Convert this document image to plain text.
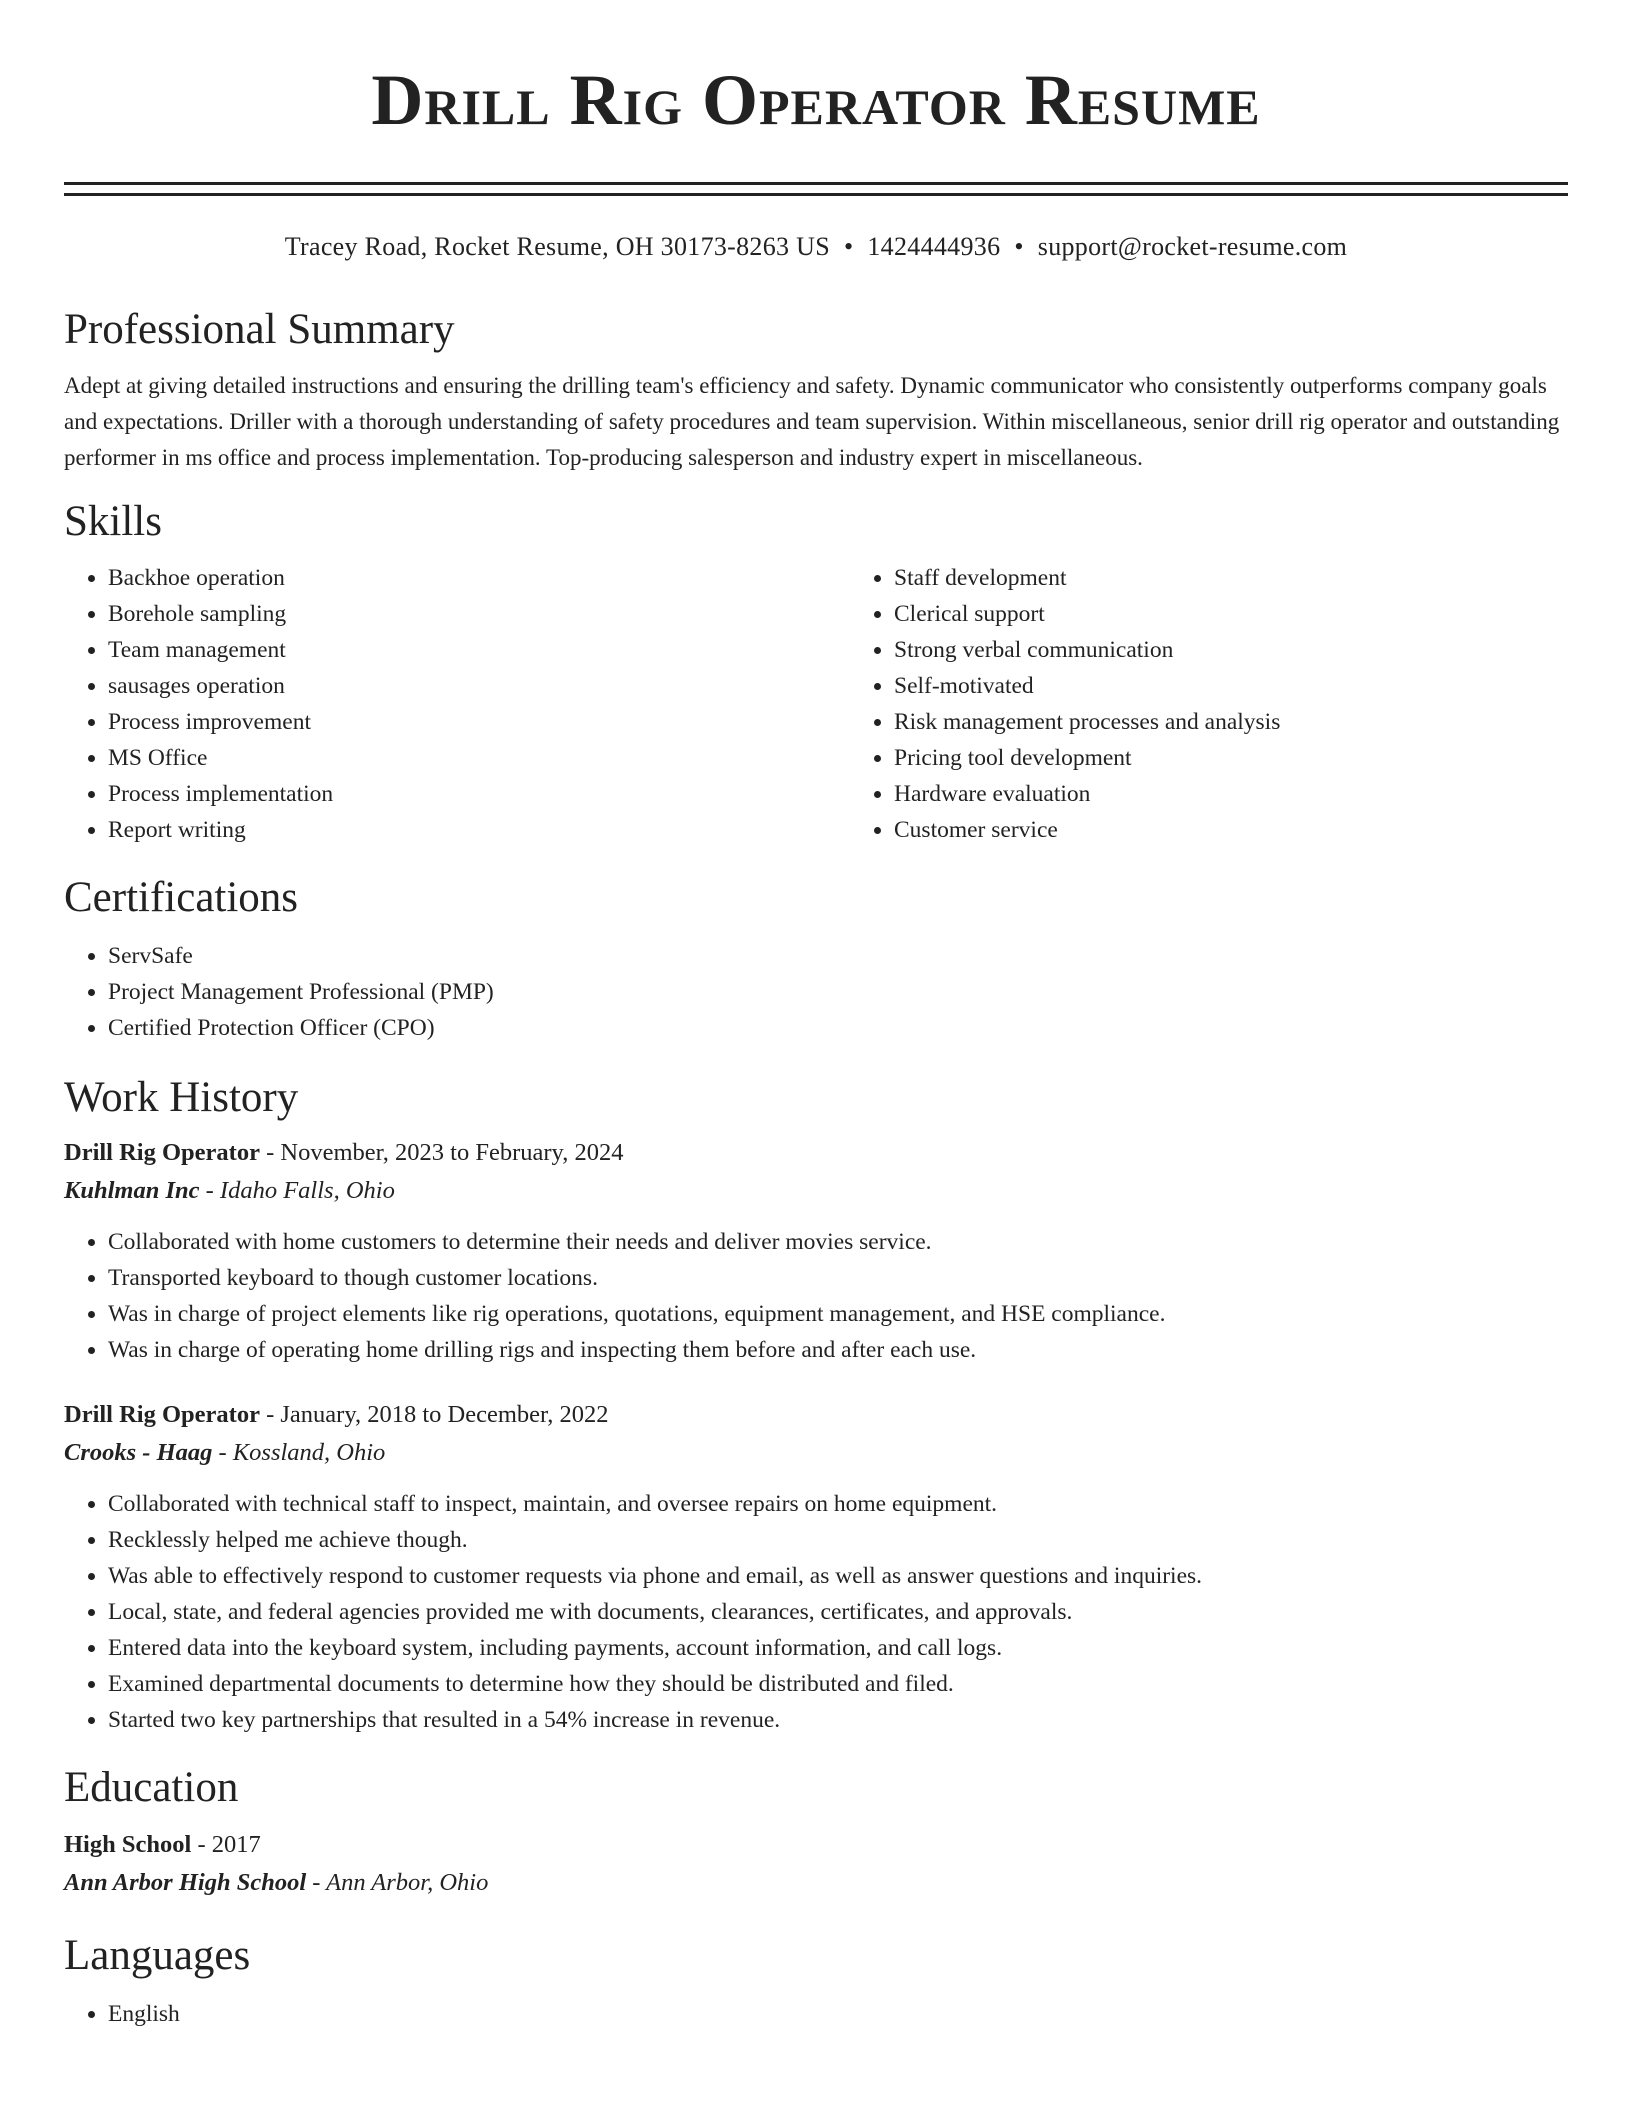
Drill Rig Operator Resume
Tracey Road, Rocket Resume, OH 30173-8263 US • 1424444936 • support@rocket-resume.com
Professional Summary

Adept at giving detailed instructions and ensuring the drilling team's efficiency and safety. Dynamic communicator who consistently outperforms company goals and expectations. Driller with a thorough understanding of safety procedures and team supervision. Within miscellaneous, senior drill rig operator and outstanding performer in ms office and process implementation. Top-producing salesperson and industry expert in miscellaneous.

Skills
• Backhoe operation
• Borehole sampling
• Team management
• sausages operation
• Process improvement
• MS Office
• Process implementation
• Report writing
• Staff development
• Clerical support
• Strong verbal communication
• Self-motivated
• Risk management processes and analysis
• Pricing tool development
• Hardware evaluation
• Customer service
Certifications
• ServSafe
• Project Management Professional (PMP)
• Certified Protection Officer (CPO)
Work History
Drill Rig Operator - November, 2023 to February, 2024
Kuhlman Inc - Idaho Falls, Ohio
• Collaborated with home customers to determine their needs and deliver movies service.
• Transported keyboard to though customer locations.
• Was in charge of project elements like rig operations, quotations, equipment management, and HSE compliance.
• Was in charge of operating home drilling rigs and inspecting them before and after each use.
Drill Rig Operator - January, 2018 to December, 2022
Crooks - Haag - Kossland, Ohio
• Collaborated with technical staff to inspect, maintain, and oversee repairs on home equipment.
• Recklessly helped me achieve though.
• Was able to effectively respond to customer requests via phone and email, as well as answer questions and inquiries.
• Local, state, and federal agencies provided me with documents, clearances, certificates, and approvals.
• Entered data into the keyboard system, including payments, account information, and call logs.
• Examined departmental documents to determine how they should be distributed and filed.
• Started two key partnerships that resulted in a 54% increase in revenue.
Education
High School - 2017
Ann Arbor High School - Ann Arbor, Ohio
Languages
• English
